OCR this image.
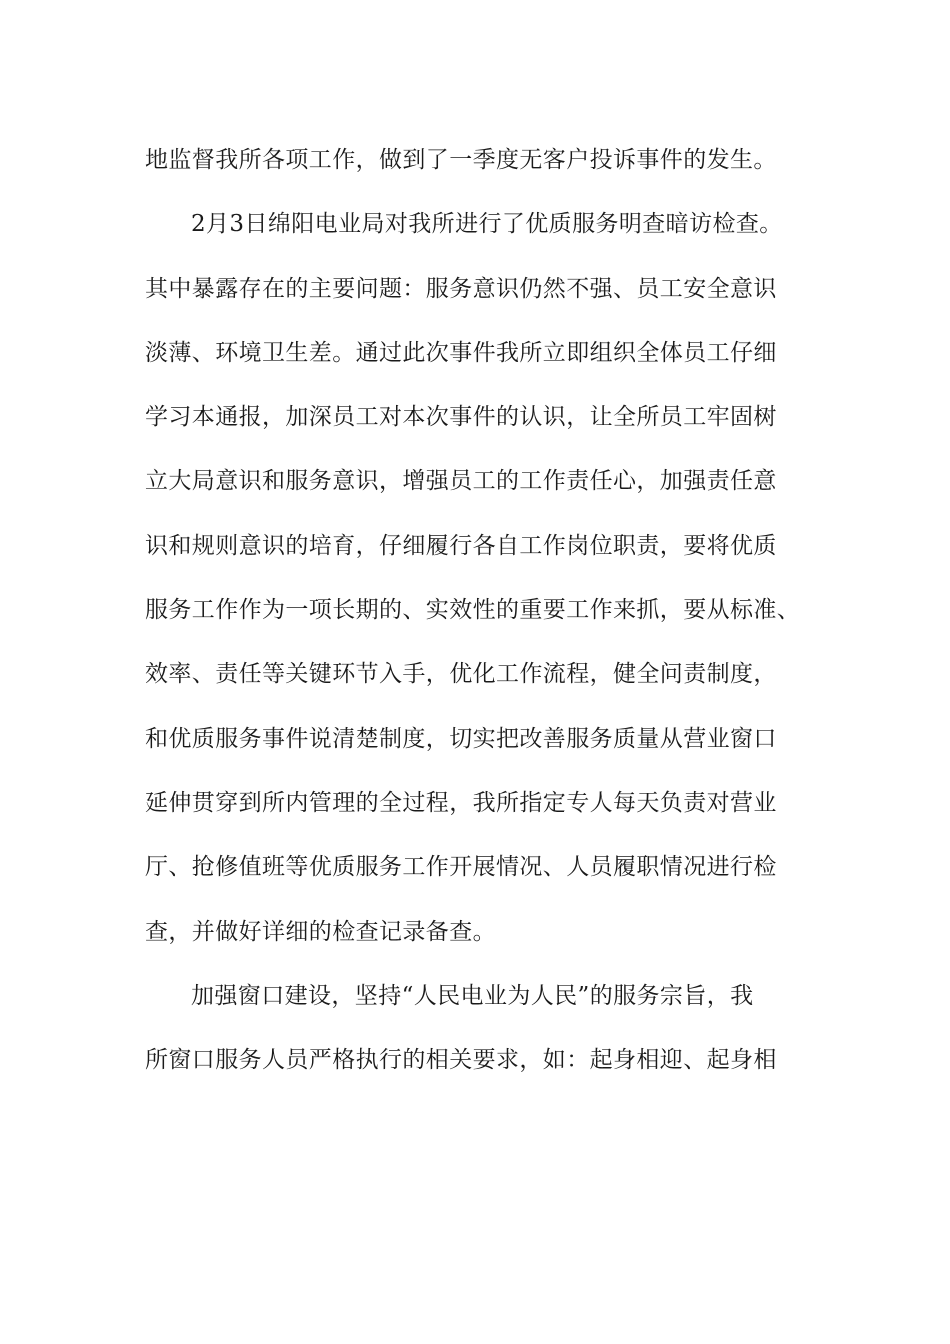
地监督我所各项工作，做到了一季度无客户投诉事件的发生。
2月3日绵阳电业局对我所进行了优质服务明查暗访检查。
其中暴露存在的主要问题：服务意识仍然不强、员工安全意识
淡薄、环境卫生差。通过此次事件我所立即组织全体员工仔细
学习本通报，加深员工对本次事件的认识，让全所员工牢固树
立大局意识和服务意识，增强员工的工作责任心，加强责任意
识和规则意识的培育，仔细履行各自工作岗位职责，要将优质
服务工作作为一项长期的、实效性的重要工作来抓，要从标准、
效率、责任等关键环节入手，优化工作流程，健全问责制度，
和优质服务事件说清楚制度，切实把改善服务质量从营业窗口
延伸贯穿到所内管理的全过程，我所指定专人每天负责对营业
厅、抢修值班等优质服务工作开展情况、人员履职情况进行检
查，并做好详细的检查记录备查。
加强窗口建设，坚持“人民电业为人民”的服务宗旨，我
所窗口服务人员严格执行的相关要求，如：起身相迎、起身相
